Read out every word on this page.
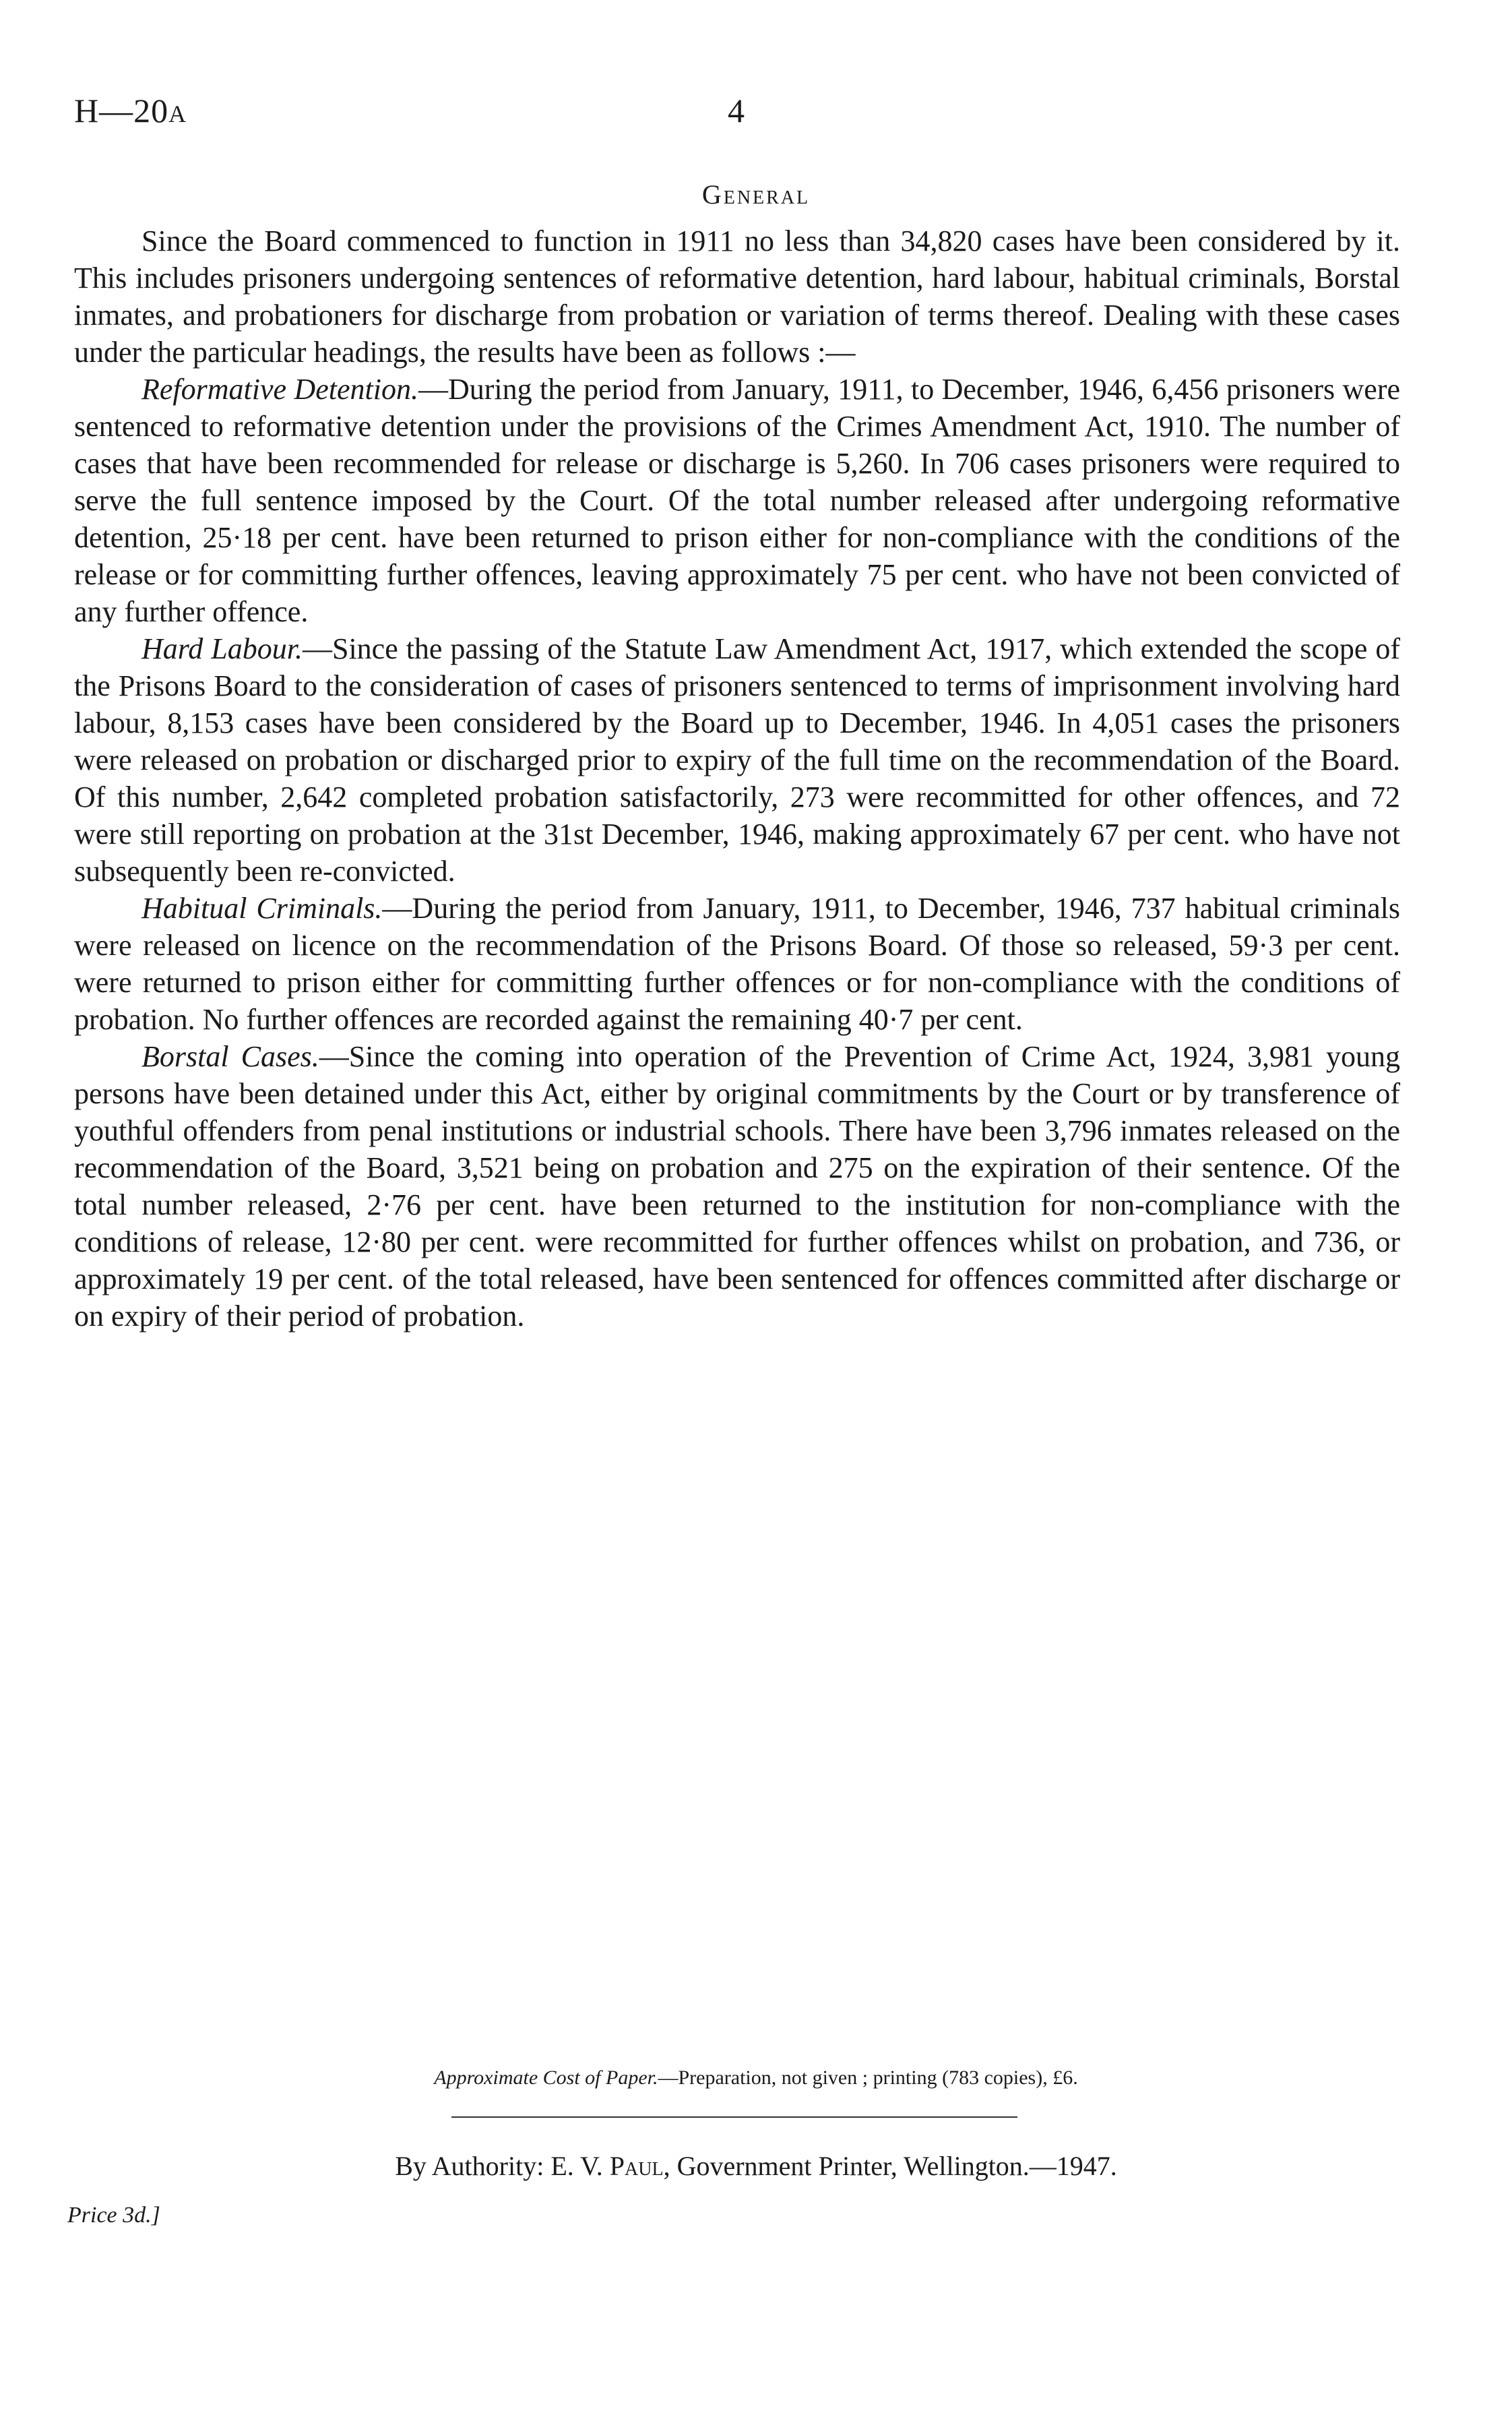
H—20A	4
General

Since the Board commenced to function in 1911 no less than 34,820 cases have been considered by it. This includes prisoners undergoing sentences of reformative detention, hard labour, habitual criminals, Borstal inmates, and probationers for discharge from probation or variation of terms thereof. Dealing with these cases under the particular headings, the results have been as follows :—

Reformative Detention.—During the period from January, 1911, to December, 1946, 6,456 prisoners were sentenced to reformative detention under the provisions of the Crimes Amendment Act, 1910. The number of cases that have been recommended for release or discharge is 5,260. In 706 cases prisoners were required to serve the full sentence imposed by the Court. Of the total number released after undergoing reformative detention, 25·18 per cent. have been returned to prison either for non-compliance with the conditions of the release or for committing further offences, leaving approximately 75 per cent. who have not been convicted of any further offence.

Hard Labour.—Since the passing of the Statute Law Amendment Act, 1917, which extended the scope of the Prisons Board to the consideration of cases of prisoners sentenced to terms of imprisonment involving hard labour, 8,153 cases have been considered by the Board up to December, 1946. In 4,051 cases the prisoners were released on probation or discharged prior to expiry of the full time on the recommendation of the Board. Of this number, 2,642 completed probation satisfactorily, 273 were recommitted for other offences, and 72 were still reporting on probation at the 31st December, 1946, making approximately 67 per cent. who have not subsequently been re-convicted.

Habitual Criminals.—During the period from January, 1911, to December, 1946, 737 habitual criminals were released on licence on the recommendation of the Prisons Board. Of those so released, 59·3 per cent. were returned to prison either for committing further offences or for non-compliance with the conditions of probation. No further offences are recorded against the remaining 40·7 per cent.

Borstal Cases.—Since the coming into operation of the Prevention of Crime Act, 1924, 3,981 young persons have been detained under this Act, either by original commitments by the Court or by transference of youthful offenders from penal institutions or industrial schools. There have been 3,796 inmates released on the recommendation of the Board, 3,521 being on probation and 275 on the expiration of their sentence. Of the total number released, 2·76 per cent. have been returned to the institution for non-compliance with the conditions of release, 12·80 per cent. were recommitted for further offences whilst on probation, and 736, or approximately 19 per cent. of the total released, have been sentenced for offences committed after discharge or on expiry of their period of probation.

Approximate Cost of Paper.—Preparation, not given ; printing (783 copies), £6.
By Authority: E. V. Paul, Government Printer, Wellington.—1947.
Price 3d.]
